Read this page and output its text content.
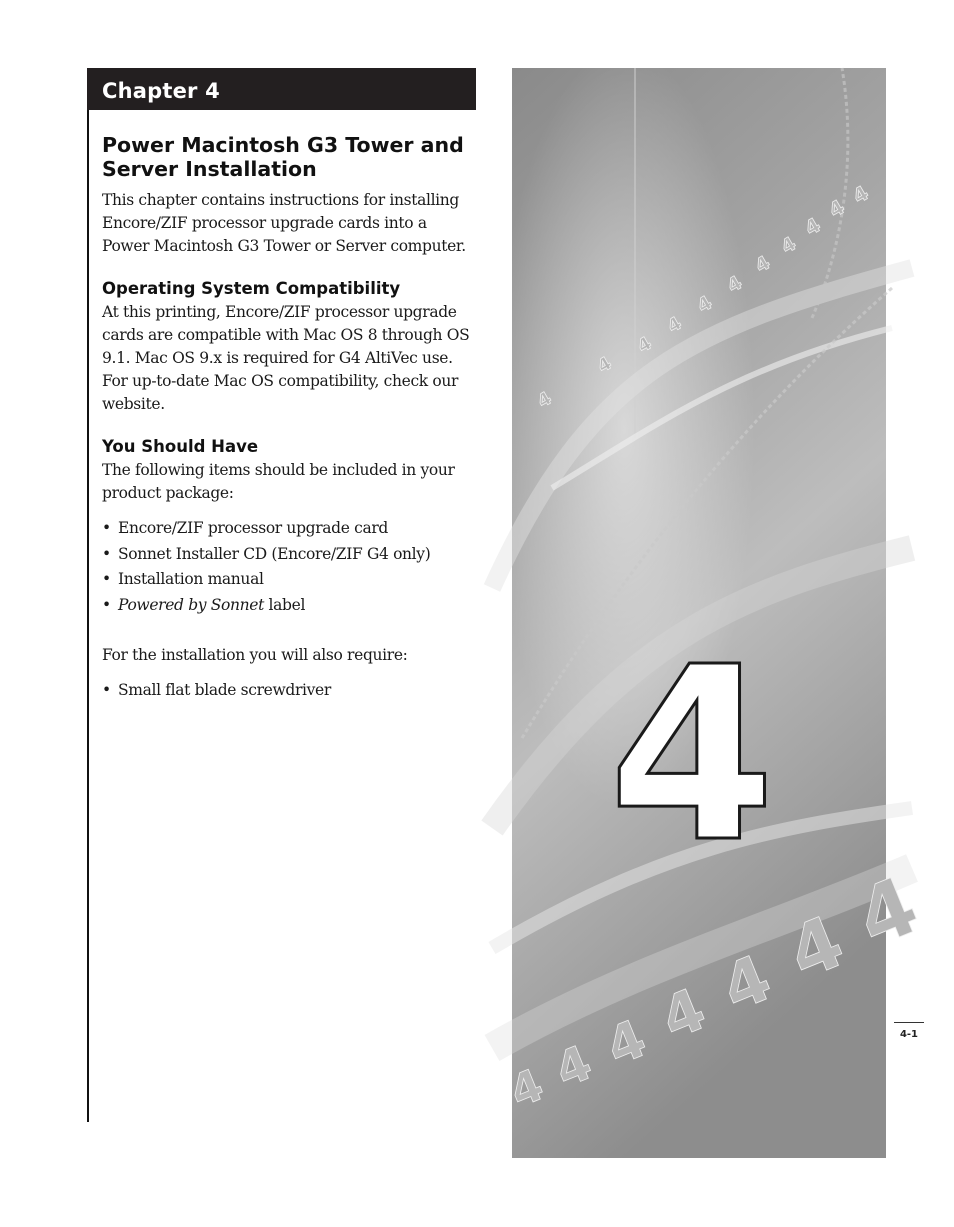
Chapter 4
Power Macintosh G3 Tower and Server Installation

This chapter contains instructions for installing Encore/ZIF processor upgrade cards into a Power Macintosh G3 Tower or Server computer.

Operating System Compatibility

At this printing, Encore/ZIF processor upgrade cards are compatible with Mac OS 8 through OS 9.1. Mac OS 9.x is required for G4 AltiVec use. For up-to-date Mac OS compatibility, check our website.

You Should Have

The following items should be included in your product package:

• Encore/ZIF processor upgrade card
• Sonnet Installer CD (Encore/ZIF G4 only)
• Installation manual
• Powered by Sonnet label

For the installation you will also require:

• Small flat blade screwdriver
4
4
4
4
4
4
4
4
4
4
4
4
4
4
4
4
4
4
4
4-1
